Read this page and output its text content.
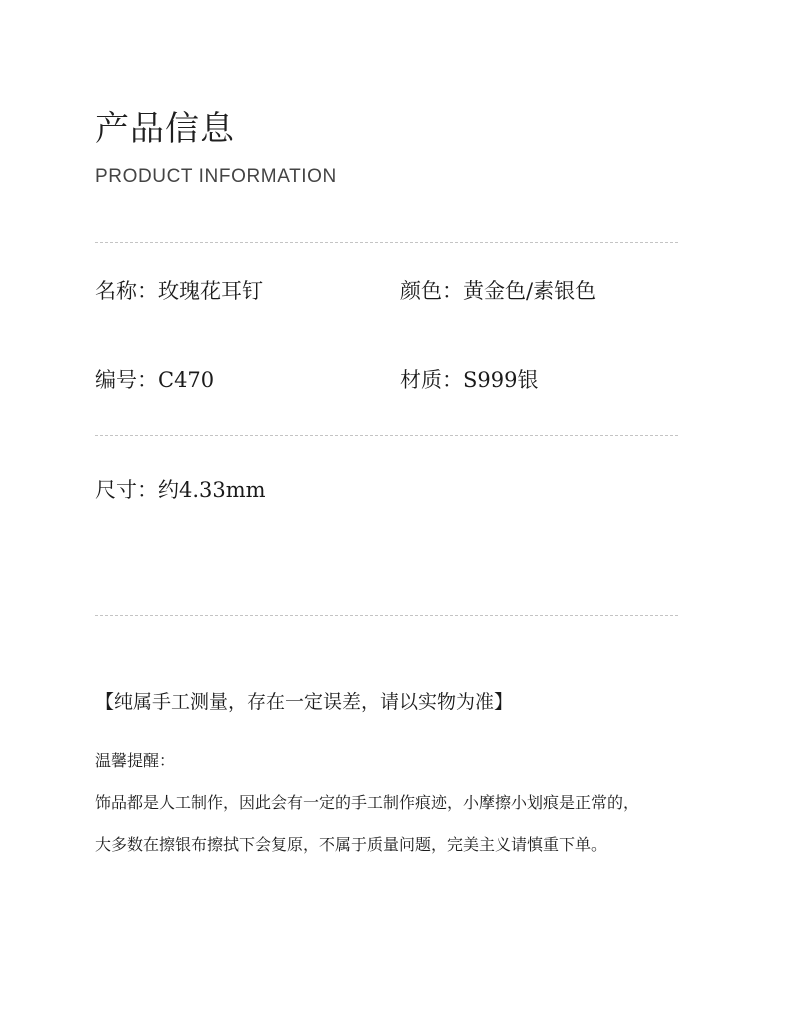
产品信息
PRODUCT INFORMATION
名称：玫瑰花耳钉	颜色：黄金色/素银色
编号：C470	材质：S999银
尺寸：约4.33mm
【纯属手工测量，存在一定误差，请以实物为准】
温馨提醒：
饰品都是人工制作，因此会有一定的手工制作痕迹，小摩擦小划痕是正常的，
大多数在擦银布擦拭下会复原，不属于质量问题，完美主义请慎重下单。
